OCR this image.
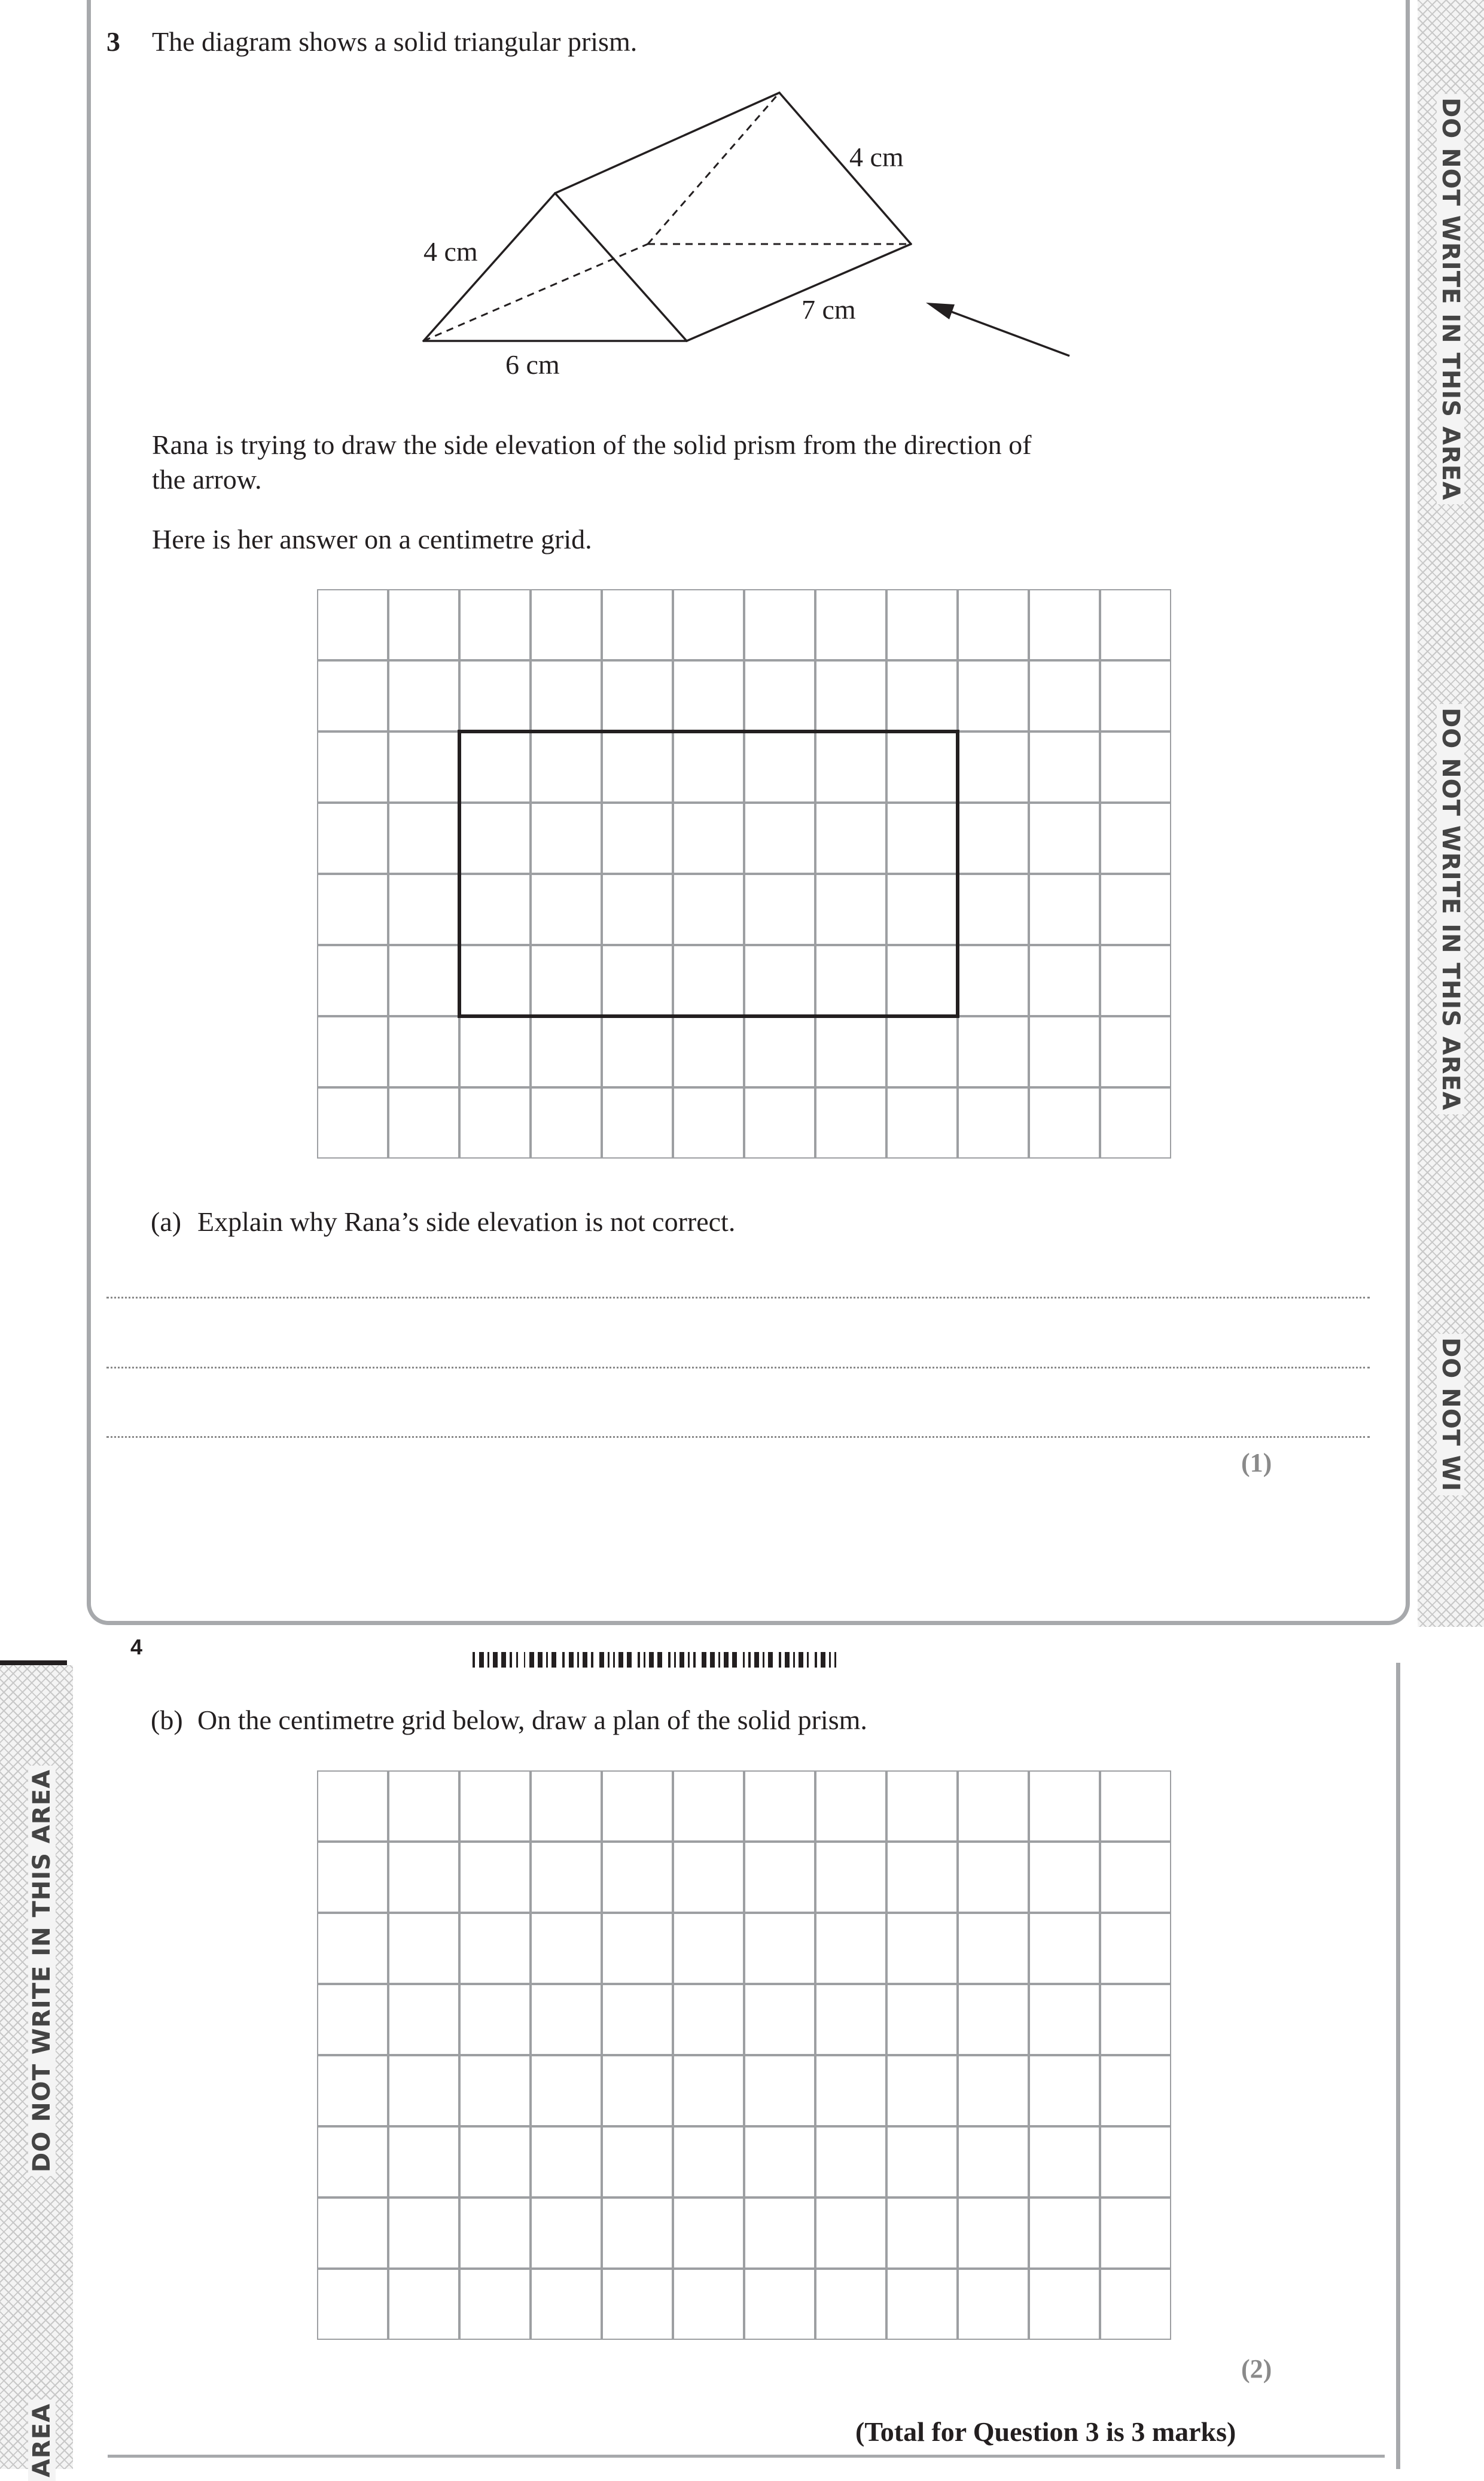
DO NOT WRITE IN THIS AREA
DO NOT WRITE IN THIS AREA
DO NOT WI
DO NOT WRITE IN THIS AREA
AREA
3 The diagram shows a solid triangular prism.
4 cm
4 cm
7 cm
6 cm
Rana is trying to draw the side elevation of the solid prism from the direction of
the arrow.
Here is her answer on a centimetre grid.
(a) Explain why Rana’s side elevation is not correct.
(1)
4
(b) On the centimetre grid below, draw a plan of the solid prism.
(2)
(Total for Question 3 is 3 marks)
